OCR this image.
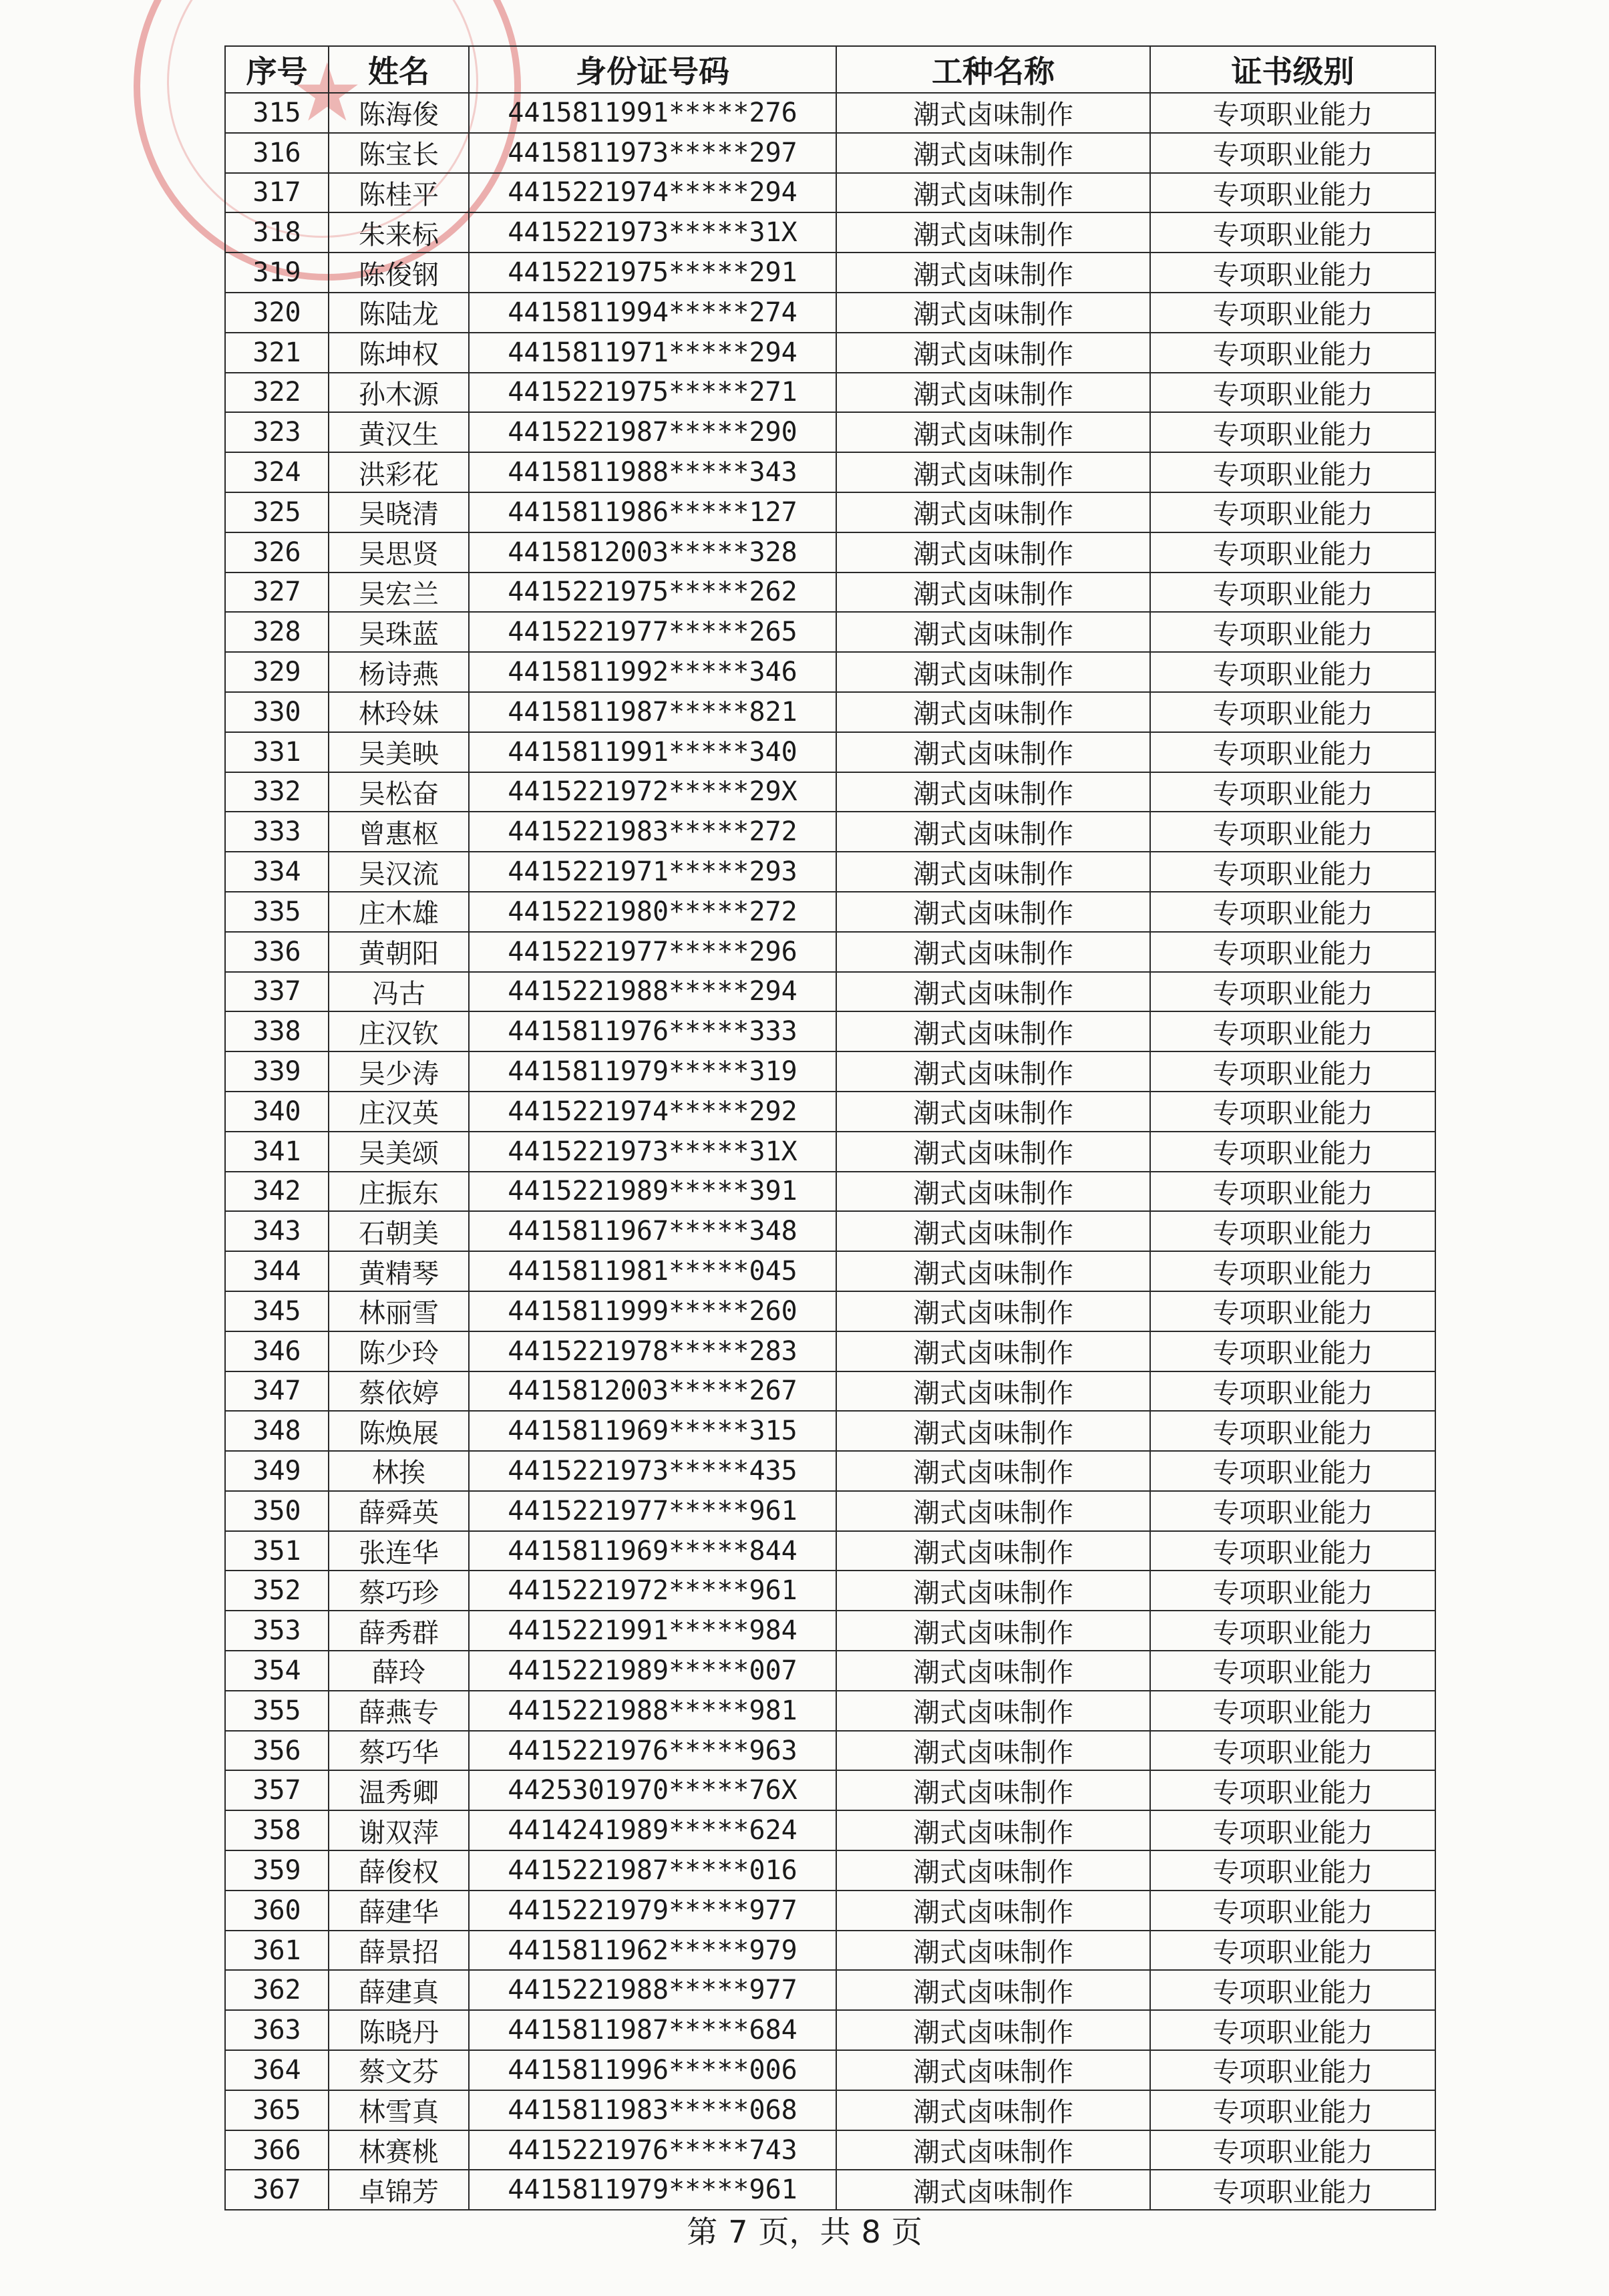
★
序号	姓名	身份证号码	工种名称	证书级别
315	陈海俊	4415811991*****276	潮式卤味制作	专项职业能力
316	陈宝长	4415811973*****297	潮式卤味制作	专项职业能力
317	陈桂平	4415221974*****294	潮式卤味制作	专项职业能力
318	朱来标	4415221973*****31X	潮式卤味制作	专项职业能力
319	陈俊钢	4415221975*****291	潮式卤味制作	专项职业能力
320	陈陆龙	4415811994*****274	潮式卤味制作	专项职业能力
321	陈坤权	4415811971*****294	潮式卤味制作	专项职业能力
322	孙木源	4415221975*****271	潮式卤味制作	专项职业能力
323	黄汉生	4415221987*****290	潮式卤味制作	专项职业能力
324	洪彩花	4415811988*****343	潮式卤味制作	专项职业能力
325	吴晓清	4415811986*****127	潮式卤味制作	专项职业能力
326	吴思贤	4415812003*****328	潮式卤味制作	专项职业能力
327	吴宏兰	4415221975*****262	潮式卤味制作	专项职业能力
328	吴珠蓝	4415221977*****265	潮式卤味制作	专项职业能力
329	杨诗燕	4415811992*****346	潮式卤味制作	专项职业能力
330	林玲妹	4415811987*****821	潮式卤味制作	专项职业能力
331	吴美映	4415811991*****340	潮式卤味制作	专项职业能力
332	吴松奋	4415221972*****29X	潮式卤味制作	专项职业能力
333	曾惠枢	4415221983*****272	潮式卤味制作	专项职业能力
334	吴汉流	4415221971*****293	潮式卤味制作	专项职业能力
335	庄木雄	4415221980*****272	潮式卤味制作	专项职业能力
336	黄朝阳	4415221977*****296	潮式卤味制作	专项职业能力
337	冯古	4415221988*****294	潮式卤味制作	专项职业能力
338	庄汉钦	4415811976*****333	潮式卤味制作	专项职业能力
339	吴少涛	4415811979*****319	潮式卤味制作	专项职业能力
340	庄汉英	4415221974*****292	潮式卤味制作	专项职业能力
341	吴美颂	4415221973*****31X	潮式卤味制作	专项职业能力
342	庄振东	4415221989*****391	潮式卤味制作	专项职业能力
343	石朝美	4415811967*****348	潮式卤味制作	专项职业能力
344	黄精琴	4415811981*****045	潮式卤味制作	专项职业能力
345	林丽雪	4415811999*****260	潮式卤味制作	专项职业能力
346	陈少玲	4415221978*****283	潮式卤味制作	专项职业能力
347	蔡依婷	4415812003*****267	潮式卤味制作	专项职业能力
348	陈焕展	4415811969*****315	潮式卤味制作	专项职业能力
349	林挨	4415221973*****435	潮式卤味制作	专项职业能力
350	薛舜英	4415221977*****961	潮式卤味制作	专项职业能力
351	张连华	4415811969*****844	潮式卤味制作	专项职业能力
352	蔡巧珍	4415221972*****961	潮式卤味制作	专项职业能力
353	薛秀群	4415221991*****984	潮式卤味制作	专项职业能力
354	薛玲	4415221989*****007	潮式卤味制作	专项职业能力
355	薛燕专	4415221988*****981	潮式卤味制作	专项职业能力
356	蔡巧华	4415221976*****963	潮式卤味制作	专项职业能力
357	温秀卿	4425301970*****76X	潮式卤味制作	专项职业能力
358	谢双萍	4414241989*****624	潮式卤味制作	专项职业能力
359	薛俊权	4415221987*****016	潮式卤味制作	专项职业能力
360	薛建华	4415221979*****977	潮式卤味制作	专项职业能力
361	薛景招	4415811962*****979	潮式卤味制作	专项职业能力
362	薛建真	4415221988*****977	潮式卤味制作	专项职业能力
363	陈晓丹	4415811987*****684	潮式卤味制作	专项职业能力
364	蔡文芬	4415811996*****006	潮式卤味制作	专项职业能力
365	林雪真	4415811983*****068	潮式卤味制作	专项职业能力
366	林赛桃	4415221976*****743	潮式卤味制作	专项职业能力
367	卓锦芳	4415811979*****961	潮式卤味制作	专项职业能力
第 7 页，共 8 页
